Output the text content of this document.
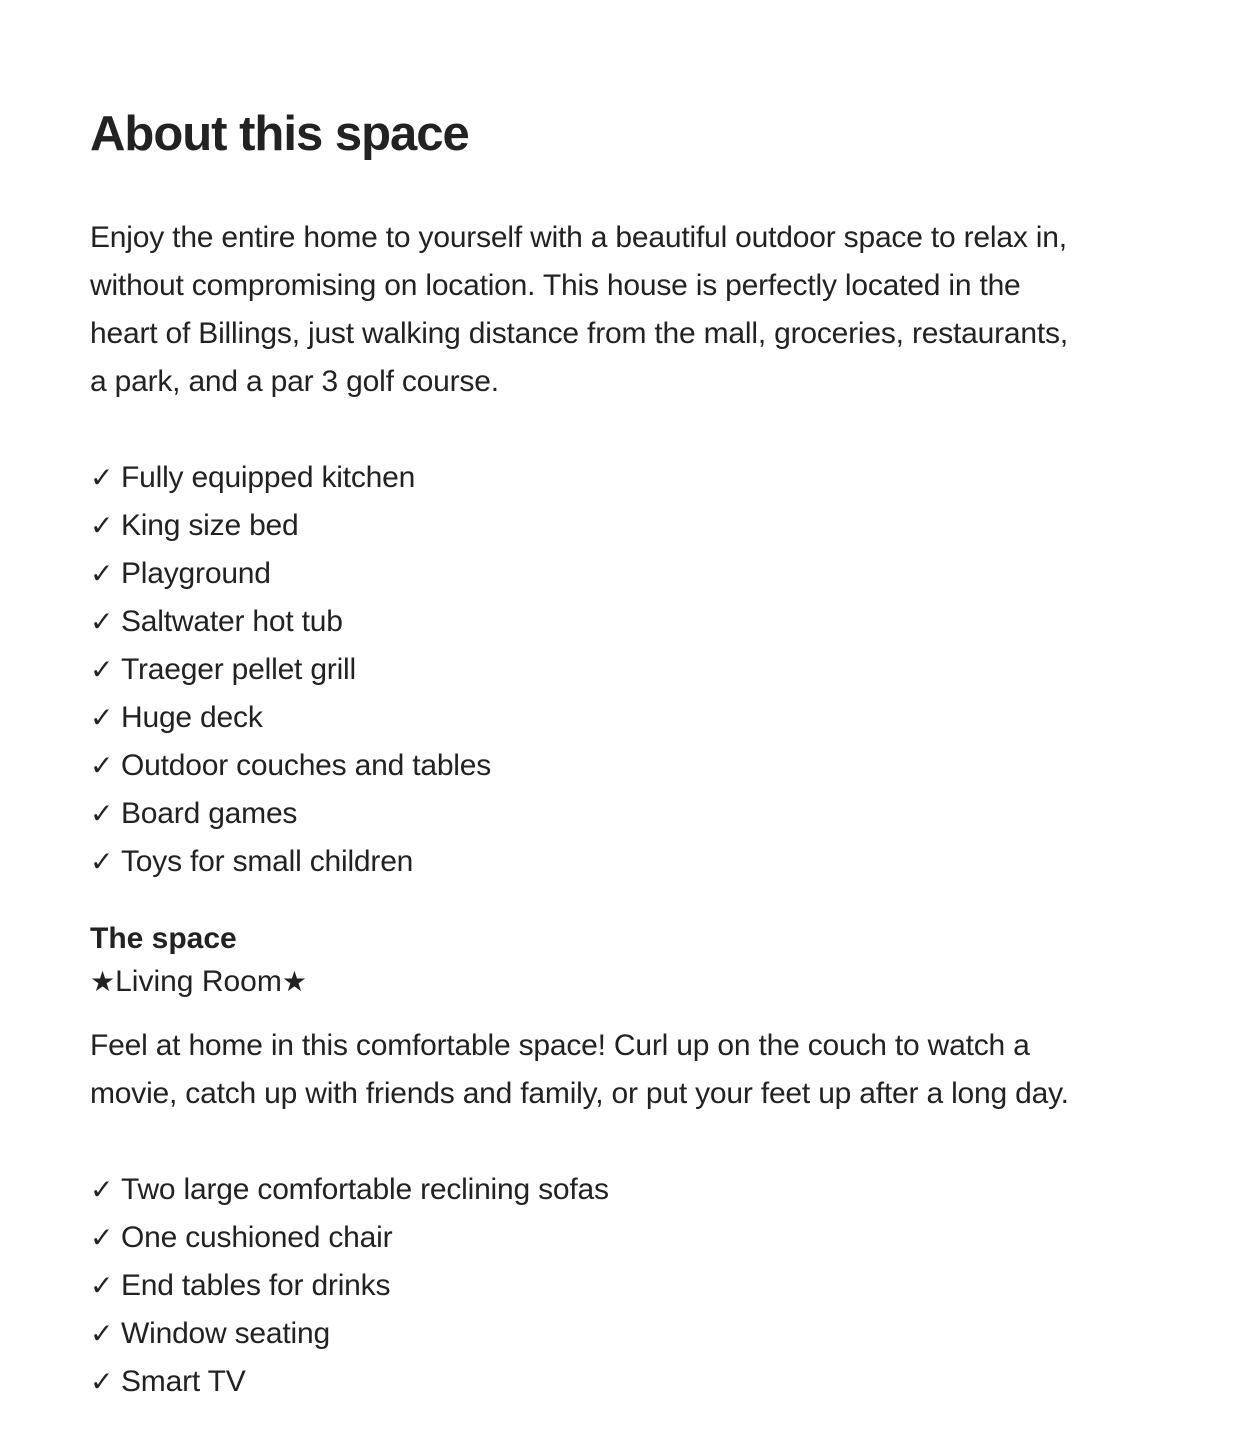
About this space

Enjoy the entire home to yourself with a beautiful outdoor space to relax in,
without compromising on location. This house is perfectly located in the
heart of Billings, just walking distance from the mall, groceries, restaurants,
a park, and a par 3 golf course.

✓ Fully equipped kitchen
✓ King size bed
✓ Playground
✓ Saltwater hot tub
✓ Traeger pellet grill
✓ Huge deck
✓ Outdoor couches and tables
✓ Board games
✓ Toys for small children
The space

★Living Room★

Feel at home in this comfortable space! Curl up on the couch to watch a
movie, catch up with friends and family, or put your feet up after a long day.

✓ Two large comfortable reclining sofas
✓ One cushioned chair
✓ End tables for drinks
✓ Window seating
✓ Smart TV
